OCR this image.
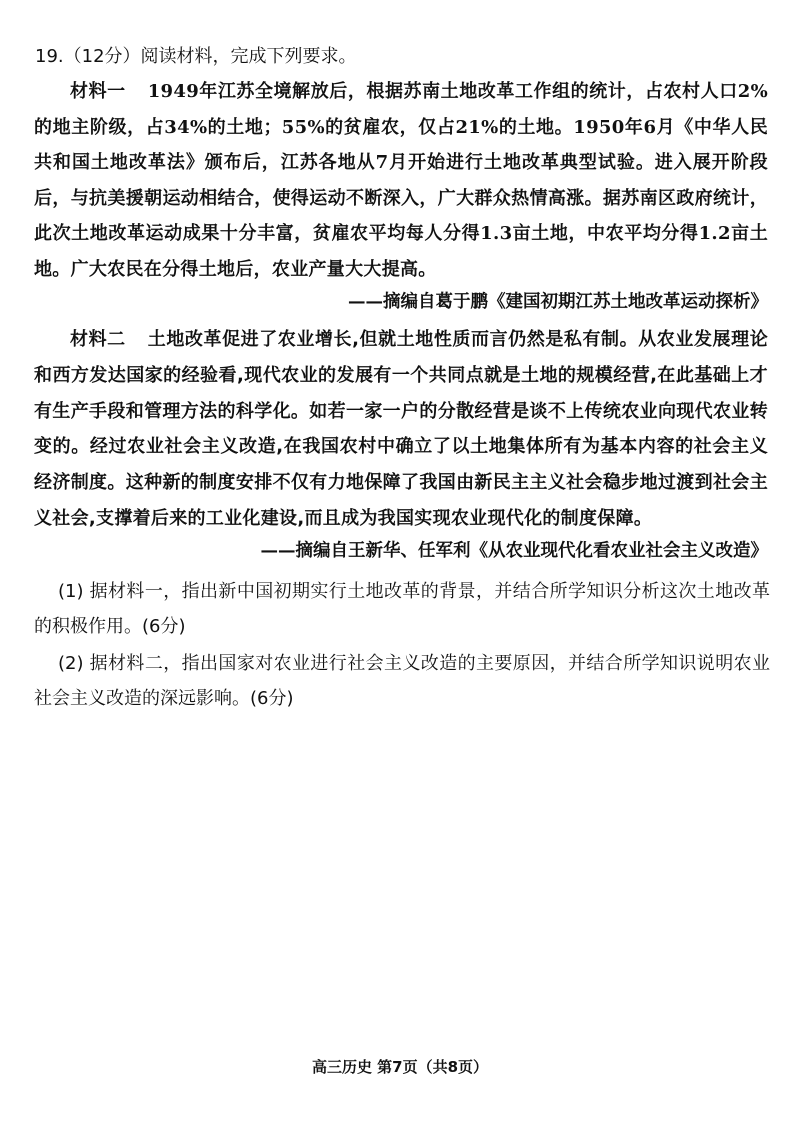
19.（12分）阅读材料，完成下列要求。
材料一 1949年江苏全境解放后，根据苏南土地改革工作组的统计，占农村人口2%的地主阶级，占34%的土地；55%的贫雇农，仅占21%的土地。1950年6月《中华人民共和国土地改革法》颁布后，江苏各地从7月开始进行土地改革典型试验。进入展开阶段后，与抗美援朝运动相结合，使得运动不断深入，广大群众热情高涨。据苏南区政府统计，此次土地改革运动成果十分丰富，贫雇农平均每人分得1.3亩土地，中农平均分得1.2亩土地。广大农民在分得土地后，农业产量大大提高。
——摘编自葛于鹏《建国初期江苏土地改革运动探析》
材料二 土地改革促进了农业增长,但就土地性质而言仍然是私有制。从农业发展理论和西方发达国家的经验看,现代农业的发展有一个共同点就是土地的规模经营,在此基础上才有生产手段和管理方法的科学化。如若一家一户的分散经营是谈不上传统农业向现代农业转变的。经过农业社会主义改造,在我国农村中确立了以土地集体所有为基本内容的社会主义经济制度。这种新的制度安排不仅有力地保障了我国由新民主主义社会稳步地过渡到社会主义社会,支撑着后来的工业化建设,而且成为我国实现农业现代化的制度保障。
——摘编自王新华、任军利《从农业现代化看农业社会主义改造》
(1) 据材料一，指出新中国初期实行土地改革的背景，并结合所学知识分析这次土地改革的积极作用。(6分)
(2) 据材料二，指出国家对农业进行社会主义改造的主要原因，并结合所学知识说明农业社会主义改造的深远影响。(6分)
高三历史 第7页（共8页）
